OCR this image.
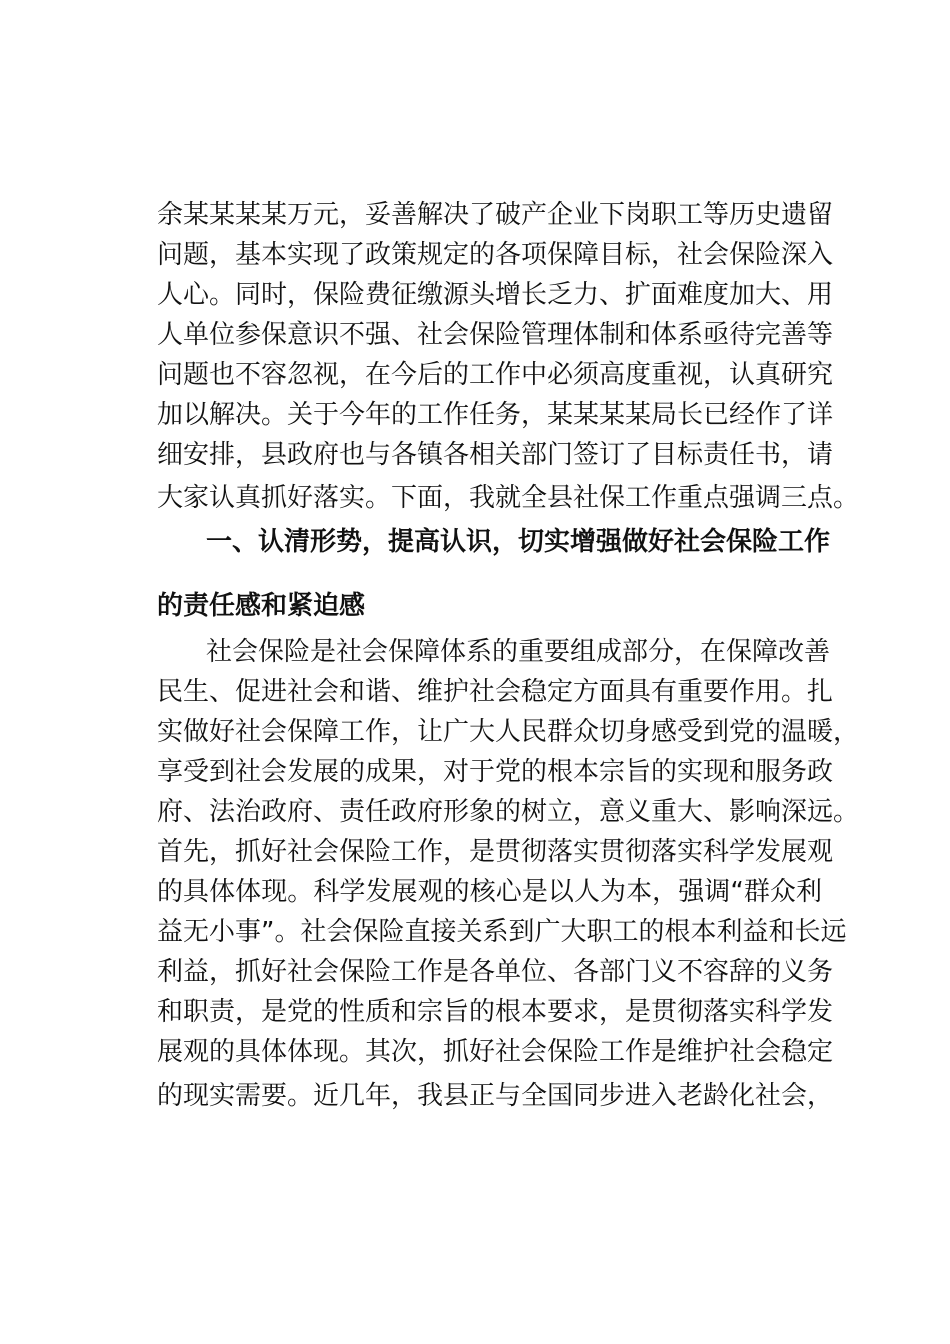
余某某某某万元，妥善解决了破产企业下岗职工等历史遗留
问题，基本实现了政策规定的各项保障目标，社会保险深入
人心。同时，保险费征缴源头增长乏力、扩面难度加大、用
人单位参保意识不强、社会保险管理体制和体系亟待完善等
问题也不容忽视，在今后的工作中必须高度重视，认真研究
加以解决。关于今年的工作任务，某某某某局长已经作了详
细安排，县政府也与各镇各相关部门签订了目标责任书，请
大家认真抓好落实。下面，我就全县社保工作重点强调三点。
一、认清形势，提高认识，切实增强做好社会保险工作
的责任感和紧迫感
社会保险是社会保障体系的重要组成部分，在保障改善
民生、促进社会和谐、维护社会稳定方面具有重要作用。扎
实做好社会保障工作，让广大人民群众切身感受到党的温暖，
享受到社会发展的成果，对于党的根本宗旨的实现和服务政
府、法治政府、责任政府形象的树立，意义重大、影响深远。
首先，抓好社会保险工作，是贯彻落实贯彻落实科学发展观
的具体体现。科学发展观的核心是以人为本，强调“群众利
益无小事”。社会保险直接关系到广大职工的根本利益和长远
利益，抓好社会保险工作是各单位、各部门义不容辞的义务
和职责，是党的性质和宗旨的根本要求，是贯彻落实科学发
展观的具体体现。其次，抓好社会保险工作是维护社会稳定
的现实需要。近几年，我县正与全国同步进入老龄化社会，
